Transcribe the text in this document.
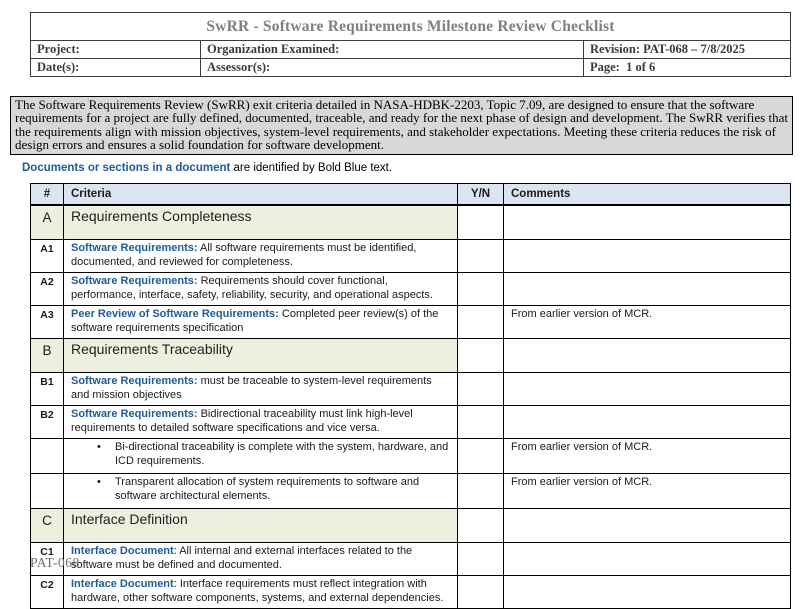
SwRR - Software Requirements Milestone Review Checklist		
Project:	Organization Examined:	Revision: PAT-068 – 7/8/2025
Date(s):	Assessor(s):	Page:  1 of 6
The Software Requirements Review (SwRR) exit criteria detailed in NASA-HDBK-2203, Topic 7.09, are designed to ensure that the software requirements for a project are fully defined, documented, traceable, and ready for the next phase of design and development. The SwRR verifies that the requirements align with mission objectives, system-level requirements, and stakeholder expectations. Meeting these criteria reduces the risk of design errors and ensures a solid foundation for software development.
Documents or sections in a document are identified by Bold Blue text.
#	Criteria	Y/N	Comments
A	Requirements Completeness		
A1	Software Requirements: All software requirements must be identified, documented, and reviewed for completeness.		
A2	Software Requirements: Requirements should cover functional, performance, interface, safety, reliability, security, and operational aspects.		
A3	Peer Review of Software Requirements: Completed peer review(s) of the software requirements specification		From earlier version of MCR.
B	Requirements Traceability		
B1	Software Requirements: must be traceable to system-level requirements and mission objectives		
B2	Software Requirements: Bidirectional traceability must link high-level requirements to detailed software specifications and vice versa.		

	• Bi-directional traceability is complete with the system, hardware, and ICD requirements.		From earlier version of MCR.

	• Transparent allocation of system requirements to software and software architectural elements.		From earlier version of MCR.
C	Interface Definition		
C1	Interface Document: All internal and external interfaces related to the software must be defined and documented.		
C2	Interface Document: Interface requirements must reflect integration with hardware, other software components, systems, and external dependencies.		
PAT-068
